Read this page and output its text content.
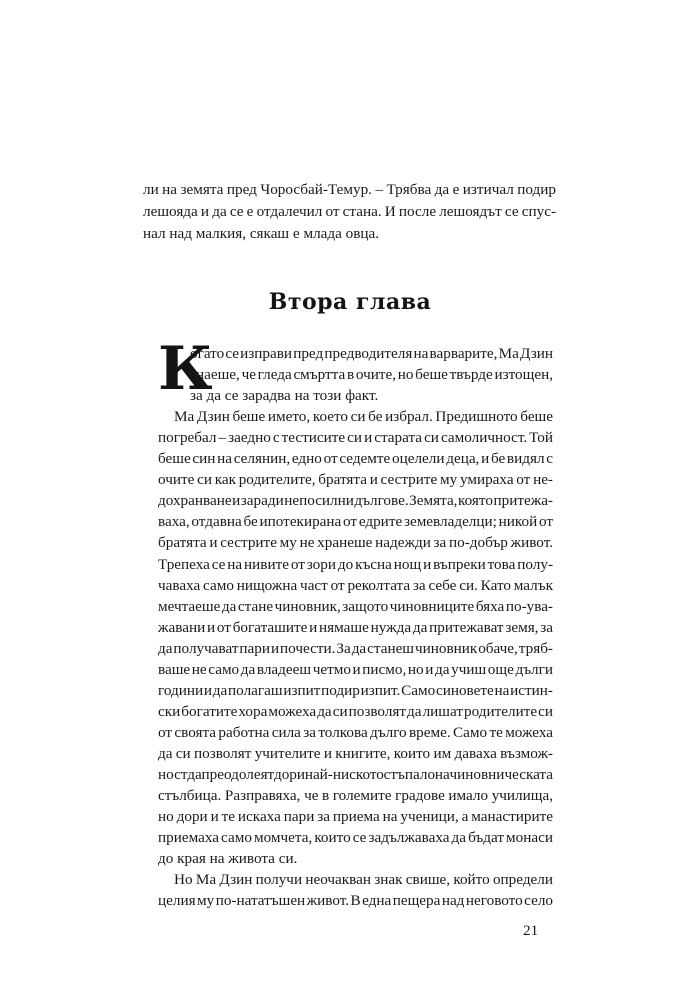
ли на земята пред Чоросбай-Темур. – Трябва да е изтичал подир
лешояда и да се е отдалечил от стана. И после лешоядът се спус-
нал над малкия, сякаш е млада овца.
Втора глава
К
огато се изправи пред предводителя на варварите, Ма Дзин
знаеше, че гледа смъртта в очите, но беше твърде изтощен,
за да се зарадва на този факт.
Ма Дзин беше името, което си бе избрал. Предишното беше
погребал – заедно с тестисите си и старата си самоличност. Той
беше син на селянин, едно от седемте оцелели деца, и бе видял с
очите си как родителите, братята и сестрите му умираха от не-
дохранване и заради непосилни дългове. Земята, която притежа-
ваха, отдавна бе ипотекирана от едрите земевладелци; никой от
братята и сестрите му не хранеше надежди за по-добър живот.
Трепеха се на нивите от зори до късна нощ и въпреки това полу-
чаваха само нищожна част от реколтата за себе си. Като малък
мечтаеше да стане чиновник, защото чиновниците бяха по-ува-
жавани и от богаташите и нямаше нужда да притежават земя, за
да получават пари и почести. За да станеш чиновник обаче, тряб-
ваше не само да владееш четмо и писмо, но и да учиш още дълги
години и да полагаш изпит подир изпит. Само синовете на истин-
ски богатите хора можеха да си позволят да лишат родителите си
от своята работна сила за толкова дълго време. Само те можеха
да си позволят учителите и книгите, които им даваха възмож-
ност да преодолеят дори най-ниското стъпало на чиновническата
стълбица. Разправяха, че в големите градове имало училища,
но дори и те искаха пари за приема на ученици, а манастирите
приемаха само момчета, които се задължаваха да бъдат монаси
до края на живота си.
Но Ма Дзин получи неочакван знак свише, който определи
целия му по-нататъшен живот. В една пещера над неговото село
21
